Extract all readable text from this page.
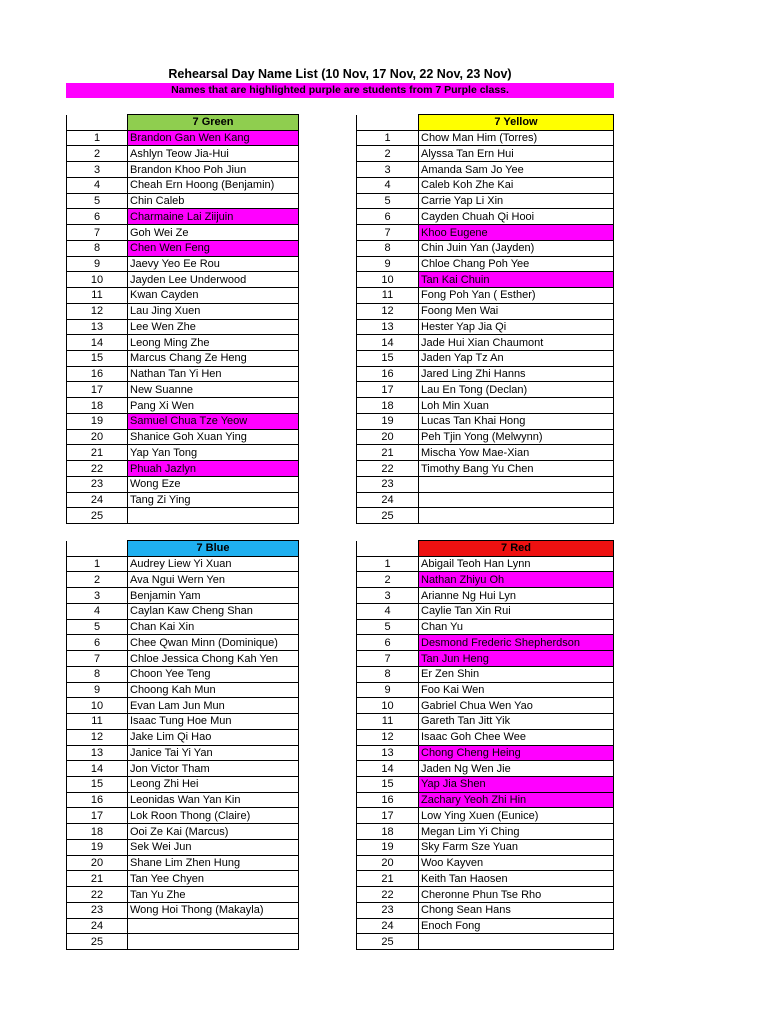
Rehearsal Day Name List (10 Nov, 17 Nov, 22 Nov, 23 Nov)
Names that are highlighted purple are students from 7 Purple class.
	7 Green
1	Brandon Gan Wen Kang
2	Ashlyn Teow Jia-Hui
3	Brandon Khoo Poh Jiun
4	Cheah Ern Hoong (Benjamin)
5	Chin Caleb
6	Charmaine Lai Ziijuin
7	Goh Wei Ze
8	Chen Wen Feng
9	Jaevy Yeo Ee Rou
10	Jayden Lee Underwood
11	Kwan Cayden
12	Lau Jing Xuen
13	Lee Wen Zhe
14	Leong Ming Zhe
15	Marcus Chang Ze Heng
16	Nathan Tan Yi Hen
17	New Suanne
18	Pang Xi Wen
19	Samuel Chua Tze Yeow
20	Shanice Goh Xuan Ying
21	Yap Yan Tong
22	Phuah Jazlyn
23	Wong Eze
24	Tang Zi Ying
25	
	7 Yellow
1	Chow Man Him (Torres)
2	Alyssa Tan Ern Hui
3	Amanda Sam Jo Yee
4	Caleb Koh Zhe Kai
5	Carrie Yap Li Xin
6	Cayden Chuah Qi Hooi
7	Khoo Eugene
8	Chin Juin Yan (Jayden)
9	Chloe Chang Poh Yee
10	Tan Kai Chuin
11	Fong Poh Yan ( Esther)
12	Foong Men Wai
13	Hester Yap Jia Qi
14	Jade Hui Xian Chaumont
15	Jaden Yap Tz An
16	Jared Ling Zhi Hanns
17	Lau En Tong (Declan)
18	Loh Min Xuan
19	Lucas Tan Khai Hong
20	Peh Tjin Yong (Melwynn)
21	Mischa Yow Mae-Xian
22	Timothy Bang Yu Chen
23	
24	
25	
	7 Blue
1	Audrey Liew Yi Xuan
2	Ava Ngui Wern Yen
3	Benjamin Yam
4	Caylan Kaw Cheng Shan
5	Chan Kai Xin
6	Chee Qwan Minn (Dominique)
7	Chloe Jessica Chong Kah Yen
8	Choon Yee Teng
9	Choong Kah Mun
10	Evan Lam Jun Mun
11	Isaac Tung Hoe Mun
12	Jake Lim Qi Hao
13	Janice Tai Yi Yan
14	Jon Victor Tham
15	Leong Zhi Hei
16	Leonidas Wan Yan Kin
17	Lok Roon Thong (Claire)
18	Ooi Ze Kai (Marcus)
19	Sek Wei Jun
20	Shane Lim Zhen Hung
21	Tan Yee Chyen
22	Tan Yu Zhe
23	Wong Hoi Thong (Makayla)
24	
25	
	7 Red
1	Abigail Teoh Han Lynn
2	Nathan Zhiyu Oh
3	Arianne Ng Hui Lyn
4	Caylie Tan Xin Rui
5	Chan Yu
6	Desmond Frederic Shepherdson
7	Tan Jun Heng
8	Er Zen Shin
9	Foo Kai Wen
10	Gabriel Chua Wen Yao
11	Gareth Tan Jitt Yik
12	Isaac Goh Chee Wee
13	Chong Cheng Heing
14	Jaden Ng Wen Jie
15	Yap Jia Shen
16	Zachary Yeoh Zhi Hin
17	Low Ying Xuen (Eunice)
18	Megan Lim Yi Ching
19	Sky Farm Sze Yuan
20	Woo Kayven
21	Keith Tan Haosen
22	Cheronne Phun Tse Rho
23	Chong Sean Hans
24	Enoch Fong
25	
